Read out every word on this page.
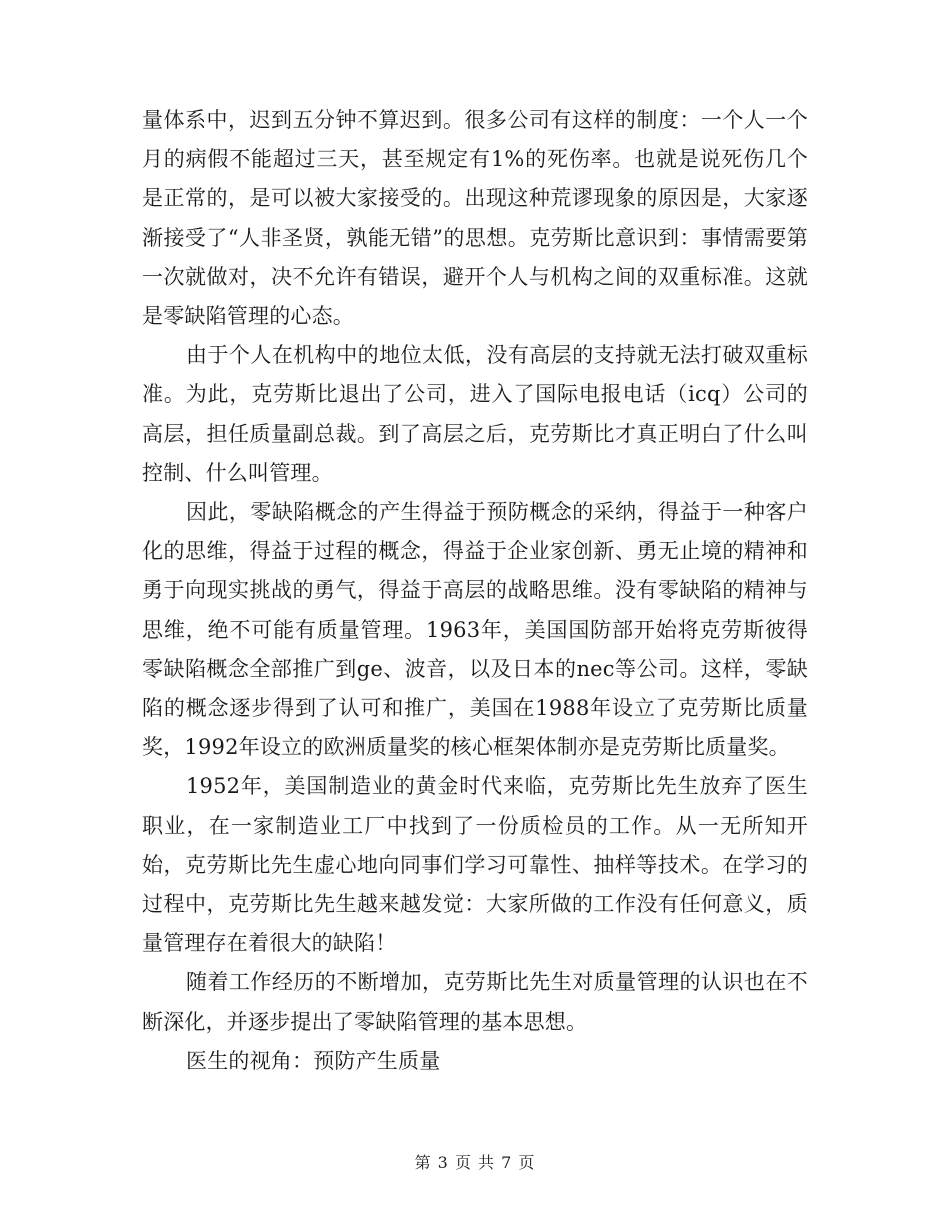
量体系中，迟到五分钟不算迟到。很多公司有这样的制度：一个人一个月的病假不能超过三天，甚至规定有1%的死伤率。也就是说死伤几个是正常的，是可以被大家接受的。出现这种荒谬现象的原因是，大家逐渐接受了“人非圣贤，孰能无错”的思想。克劳斯比意识到：事情需要第一次就做对，决不允许有错误，避开个人与机构之间的双重标准。这就是零缺陷管理的心态。

由于个人在机构中的地位太低，没有高层的支持就无法打破双重标准。为此，克劳斯比退出了公司，进入了国际电报电话（icq）公司的高层，担任质量副总裁。到了高层之后，克劳斯比才真正明白了什么叫控制、什么叫管理。

因此，零缺陷概念的产生得益于预防概念的采纳，得益于一种客户化的思维，得益于过程的概念，得益于企业家创新、勇无止境的精神和勇于向现实挑战的勇气，得益于高层的战略思维。没有零缺陷的精神与思维，绝不可能有质量管理。1963年，美国国防部开始将克劳斯彼得零缺陷概念全部推广到ge、波音，以及日本的nec等公司。这样，零缺陷的概念逐步得到了认可和推广，美国在1988年设立了克劳斯比质量奖，1992年设立的欧洲质量奖的核心框架体制亦是克劳斯比质量奖。

1952年，美国制造业的黄金时代来临，克劳斯比先生放弃了医生职业，在一家制造业工厂中找到了一份质检员的工作。从一无所知开始，克劳斯比先生虚心地向同事们学习可靠性、抽样等技术。在学习的过程中，克劳斯比先生越来越发觉：大家所做的工作没有任何意义，质量管理存在着很大的缺陷！

随着工作经历的不断增加，克劳斯比先生对质量管理的认识也在不断深化，并逐步提出了零缺陷管理的基本思想。

医生的视角：预防产生质量

第 3 页 共 7 页
